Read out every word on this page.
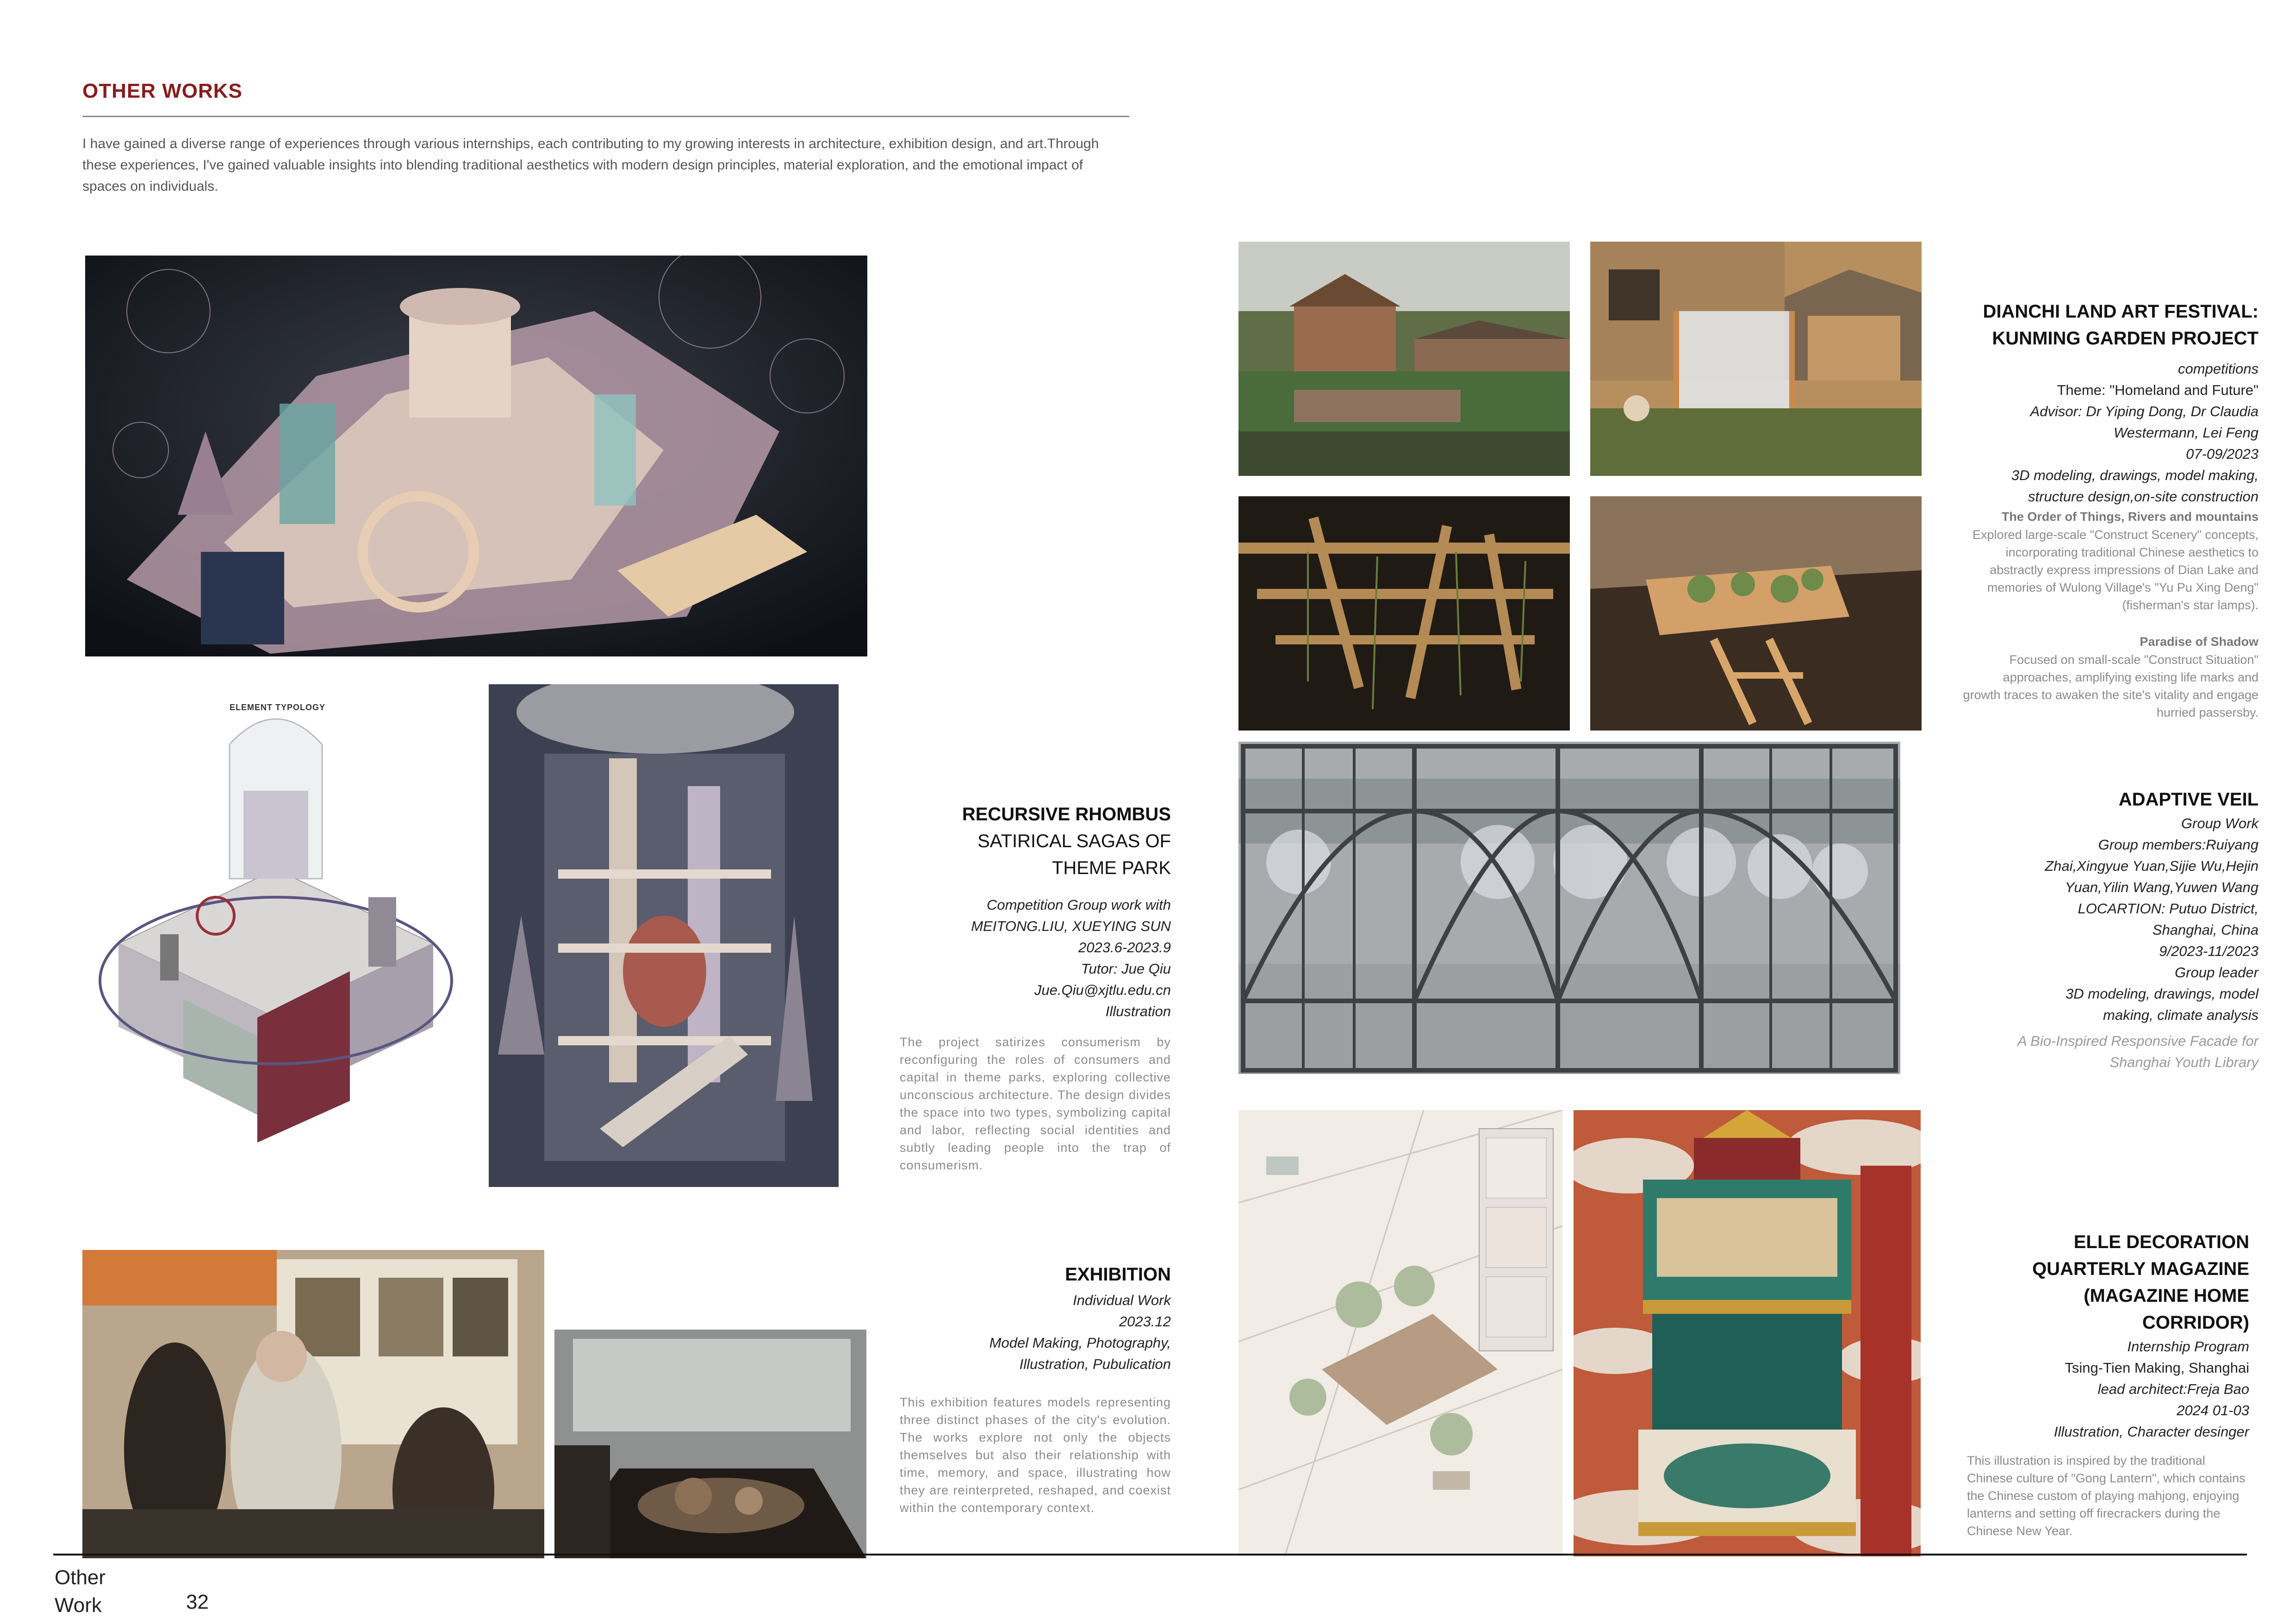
OTHER WORKS
I have gained a diverse range of experiences through various internships, each contributing to my growing interests in architecture, exhibition design, and art.Through these experiences, I've gained valuable insights into blending traditional aesthetics with modern design principles, material exploration, and the emotional impact of spaces on individuals.
ELEMENT TYPOLOGY
RECURSIVE RHOMBUS
SATIRICAL SAGAS OF
THEME PARK
Competition Group work with
MEITONG.LIU, XUEYING SUN
2023.6-2023.9
Tutor: Jue Qiu
Jue.Qiu@xjtlu.edu.cn
Illustration
The project satirizes consumerism by reconfiguring the roles of consumers and capital in theme parks, exploring collective unconscious architecture. The design divides the space into two types, symbolizing capital and labor, reflecting social identities and subtly leading people into the trap of consumerism.
EXHIBITION
Individual Work
2023.12
Model Making, Photography,
Illustration, Pubulication
This exhibition features models representing three distinct phases of the city's evolution. The works explore not only the objects themselves but also their relationship with time, memory, and space, illustrating how they are reinterpreted, reshaped, and coexist within the contemporary context.
DIANCHI LAND ART FESTIVAL:
KUNMING GARDEN PROJECT
competitions
Theme: "Homeland and Future"
Advisor: Dr Yiping Dong, Dr Claudia
Westermann, Lei Feng
07-09/2023
3D modeling, drawings, model making,
structure design,on-site construction
The Order of Things, Rivers and mountains
Explored large-scale "Construct Scenery" concepts, incorporating traditional Chinese aesthetics to abstractly express impressions of Dian Lake and memories of Wulong Village's "Yu Pu Xing Deng" (fisherman's star lamps).
Paradise of Shadow
Focused on small-scale "Construct Situation" approaches, amplifying existing life marks and growth traces to awaken the site's vitality and engage hurried passersby.
ADAPTIVE VEIL
Group Work
Group members:Ruiyang
Zhai,Xingyue Yuan,Sijie Wu,Hejin
Yuan,Yilin Wang,Yuwen Wang
LOCARTION: Putuo District,
Shanghai, China
9/2023-11/2023
Group leader
3D modeling, drawings, model
making, climate analysis
A Bio-Inspired Responsive Facade for Shanghai Youth Library
ELLE DECORATION
QUARTERLY MAGAZINE
(MAGAZINE HOME
CORRIDOR)
Internship Program
Tsing-Tien Making, Shanghai
lead architect:Freja Bao
2024 01-03
Illustration, Character desinger
This illustration is inspired by the traditional Chinese culture of "Gong Lantern", which contains the Chinese custom of playing mahjong, enjoying lanterns and setting off firecrackers during the Chinese New Year.
Other
Work	32
